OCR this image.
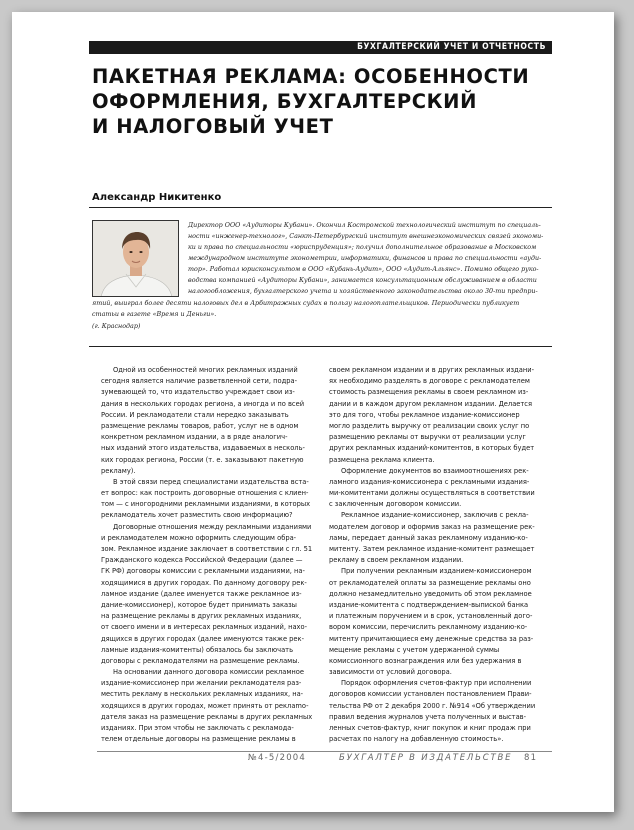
БУХГАЛТЕРСКИЙ УЧЕТ И ОТЧЕТНОСТЬ
ПАКЕТНАЯ РЕКЛАМА: ОСОБЕННОСТИ
ОФОРМЛЕНИЯ, БУХГАЛТЕРСКИЙ
И НАЛОГОВЫЙ УЧЕТ
Александр Никитенко
Директор ООО «Аудиторы Кубани». Окончил Костромской технологический институт по специаль-
ности «инженер-технолог», Санкт-Петербургский институт внешнеэкономических связей экономи-
ки и права по специальности «юриспруденция»; получил дополнительное образование в Московском
международном институте эконометрии, информатики, финансов и права по специальности «ауди-
тор». Работал юрисконсультом в ООО «Кубань-Аудит», ООО «Аудит-Альянс». Помимо общего руко-
водства компанией «Аудиторы Кубани», занимается консультационным обслуживанием в области
налогообложения, бухгалтерского учета и хозяйственного законодательства около 30-ти предпри-
ятий, выиграл более десяти налоговых дел в Арбитражных судах в пользу налогоплательщиков. Периодически публикует
статьи в газете «Время и Деньги».
(г. Краснодар)
Одной из особенностей многих рекламных изданий
сегодня является наличие разветвленной сети, подра-
зумевающей то, что издательство учреждает свои из-
дания в нескольких городах региона, а иногда и по всей
России. И рекламодатели стали нередко заказывать
размещение рекламы товаров, работ, услуг не в одном
конкретном рекламном издании, а в ряде аналогич-
ных изданий этого издательства, издаваемых в несколь-
ких городах региона, России (т. е. заказывают пакетную
рекламу).
В этой связи перед специалистами издательства вста-
ет вопрос: как построить договорные отношения с клиен-
том — с иногородними рекламными изданиями, в которых
рекламодатель хочет разместить свою информацию?
Договорные отношения между рекламными изданиями
и рекламодателем можно оформить следующим обра-
зом. Рекламное издание заключает в соответствии с гл. 51
Гражданского кодекса Российской Федерации (далее —
ГК РФ) договоры комиссии с рекламными изданиями, на-
ходящимися в других городах. По данному договору рек-
ламное издание (далее именуется также рекламное из-
дание-комиссионер), которое будет принимать заказы
на размещение рекламы в других рекламных изданиях,
от своего имени и в интересах рекламных изданий, нахо-
дящихся в других городах (далее именуются также рек-
ламные издания-комитенты) обязалось бы заключать
договоры с рекламодателями на размещение рекламы.
На основании данного договора комиссии рекламное
издание-комиссионер при желании рекламодателя раз-
местить рекламу в нескольких рекламных изданиях, на-
ходящихся в других городах, может принять от реклamo-
дателя заказ на размещение рекламы в других рекламных
изданиях. При этом чтобы не заключать с рекламода-
телем отдельные договоры на размещение рекламы в
своем рекламном издании и в других рекламных издани-
ях необходимо разделять в договоре с рекламодателем
стоимость размещения рекламы в своем рекламном из-
дании и в каждом другом рекламном издании. Делается
это для того, чтобы рекламное издание-комиссионер
могло разделить выручку от реализации своих услуг по
размещению рекламы от выручки от реализации услуг
других рекламных изданий-комитентов, в которых будет
размещена реклама клиента.
Оформление документов во взаимоотношениях рек-
ламного издания-комиссионера с рекламными издания-
ми-комитентами должны осуществляться в соответствии
с заключенным договором комиссии.
Рекламное издание-комиссионер, заключив с рекла-
модателем договор и оформив заказ на размещение рек-
ламы, передает данный заказ рекламному изданию-ко-
митенту. Затем рекламное издание-комитент размещает
рекламу в своем рекламном издании.
При получении рекламным изданием-комиссионером
от рекламодателей оплаты за размещение рекламы оно
должно незамедлительно уведомить об этом рекламное
издание-комитента с подтверждением-выпиской банка
и платежным поручением и в срок, установленный дого-
вором комиссии, перечислить рекламному изданию-ко-
митенту причитающиеся ему денежные средства за раз-
мещение рекламы с учетом удержанной суммы
комиссионного вознаграждения или без удержания в
зависимости от условий договора.
Порядок оформления счетов-фактур при исполнении
договоров комиссии установлен постановлением Прави-
тельства РФ от 2 декабря 2000 г. №914 «Об утверждении
правил ведения журналов учета полученных и выстав-
ленных счетов-фактур, книг покупок и книг продаж при
расчетах по налогу на добавленную стоимость».
№4-5/2004	БУХГАЛТЕР В ИЗДАТЕЛЬСТВЕ 81
